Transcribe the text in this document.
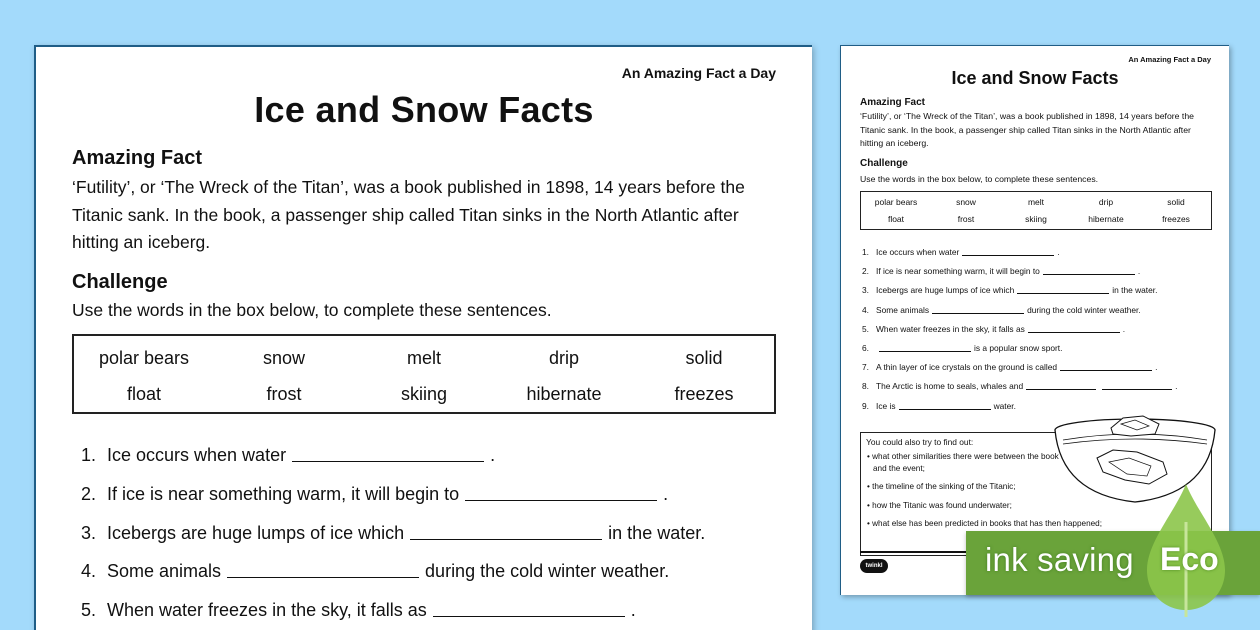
An Amazing Fact a Day
Ice and Snow Facts
Amazing Fact
‘Futility’, or ‘The Wreck of the Titan’, was a book published in 1898, 14 years before the Titanic sank. In the book, a passenger ship called Titan sinks in the North Atlantic after hitting an iceberg.
Challenge
Use the words in the box below, to complete these sentences.
polar bears	snow	melt	drip	solid
float	frost	skiing	hibernate	freezes
1. Ice occurs when water	.
2. If ice is near something warm, it will begin to	.
3. Icebergs are huge lumps of ice which	in the water.
4. Some animals	during the cold winter weather.
5. When water freezes in the sky, it falls as	.
An Amazing Fact a Day
Ice and Snow Facts
Amazing Fact
‘Futility’, or ‘The Wreck of the Titan’, was a book published in 1898, 14 years before the Titanic sank. In the book, a passenger ship called Titan sinks in the North Atlantic after hitting an iceberg.
Challenge
Use the words in the box below, to complete these sentences.
polar bears	snow	melt	drip	solid
float	frost	skiing	hibernate	freezes
1. Ice occurs when water	.
2. If ice is near something warm, it will begin to	.
3. Icebergs are huge lumps of ice which	in the water.
4. Some animals	during the cold winter weather.
5. When water freezes in the sky, it falls as	.
6.	is a popular snow sport.
7. A thin layer of ice crystals on the ground is called	.
8. The Arctic is home to seals, whales and	.
9. Ice is	water.
You could also try to find out:
• what other similarities there were between the book and the event;
• the timeline of the sinking of the Titanic;
• how the Titanic was found underwater;
• what else has been predicted in books that has then happened;
twinkl	ink saving Eco
